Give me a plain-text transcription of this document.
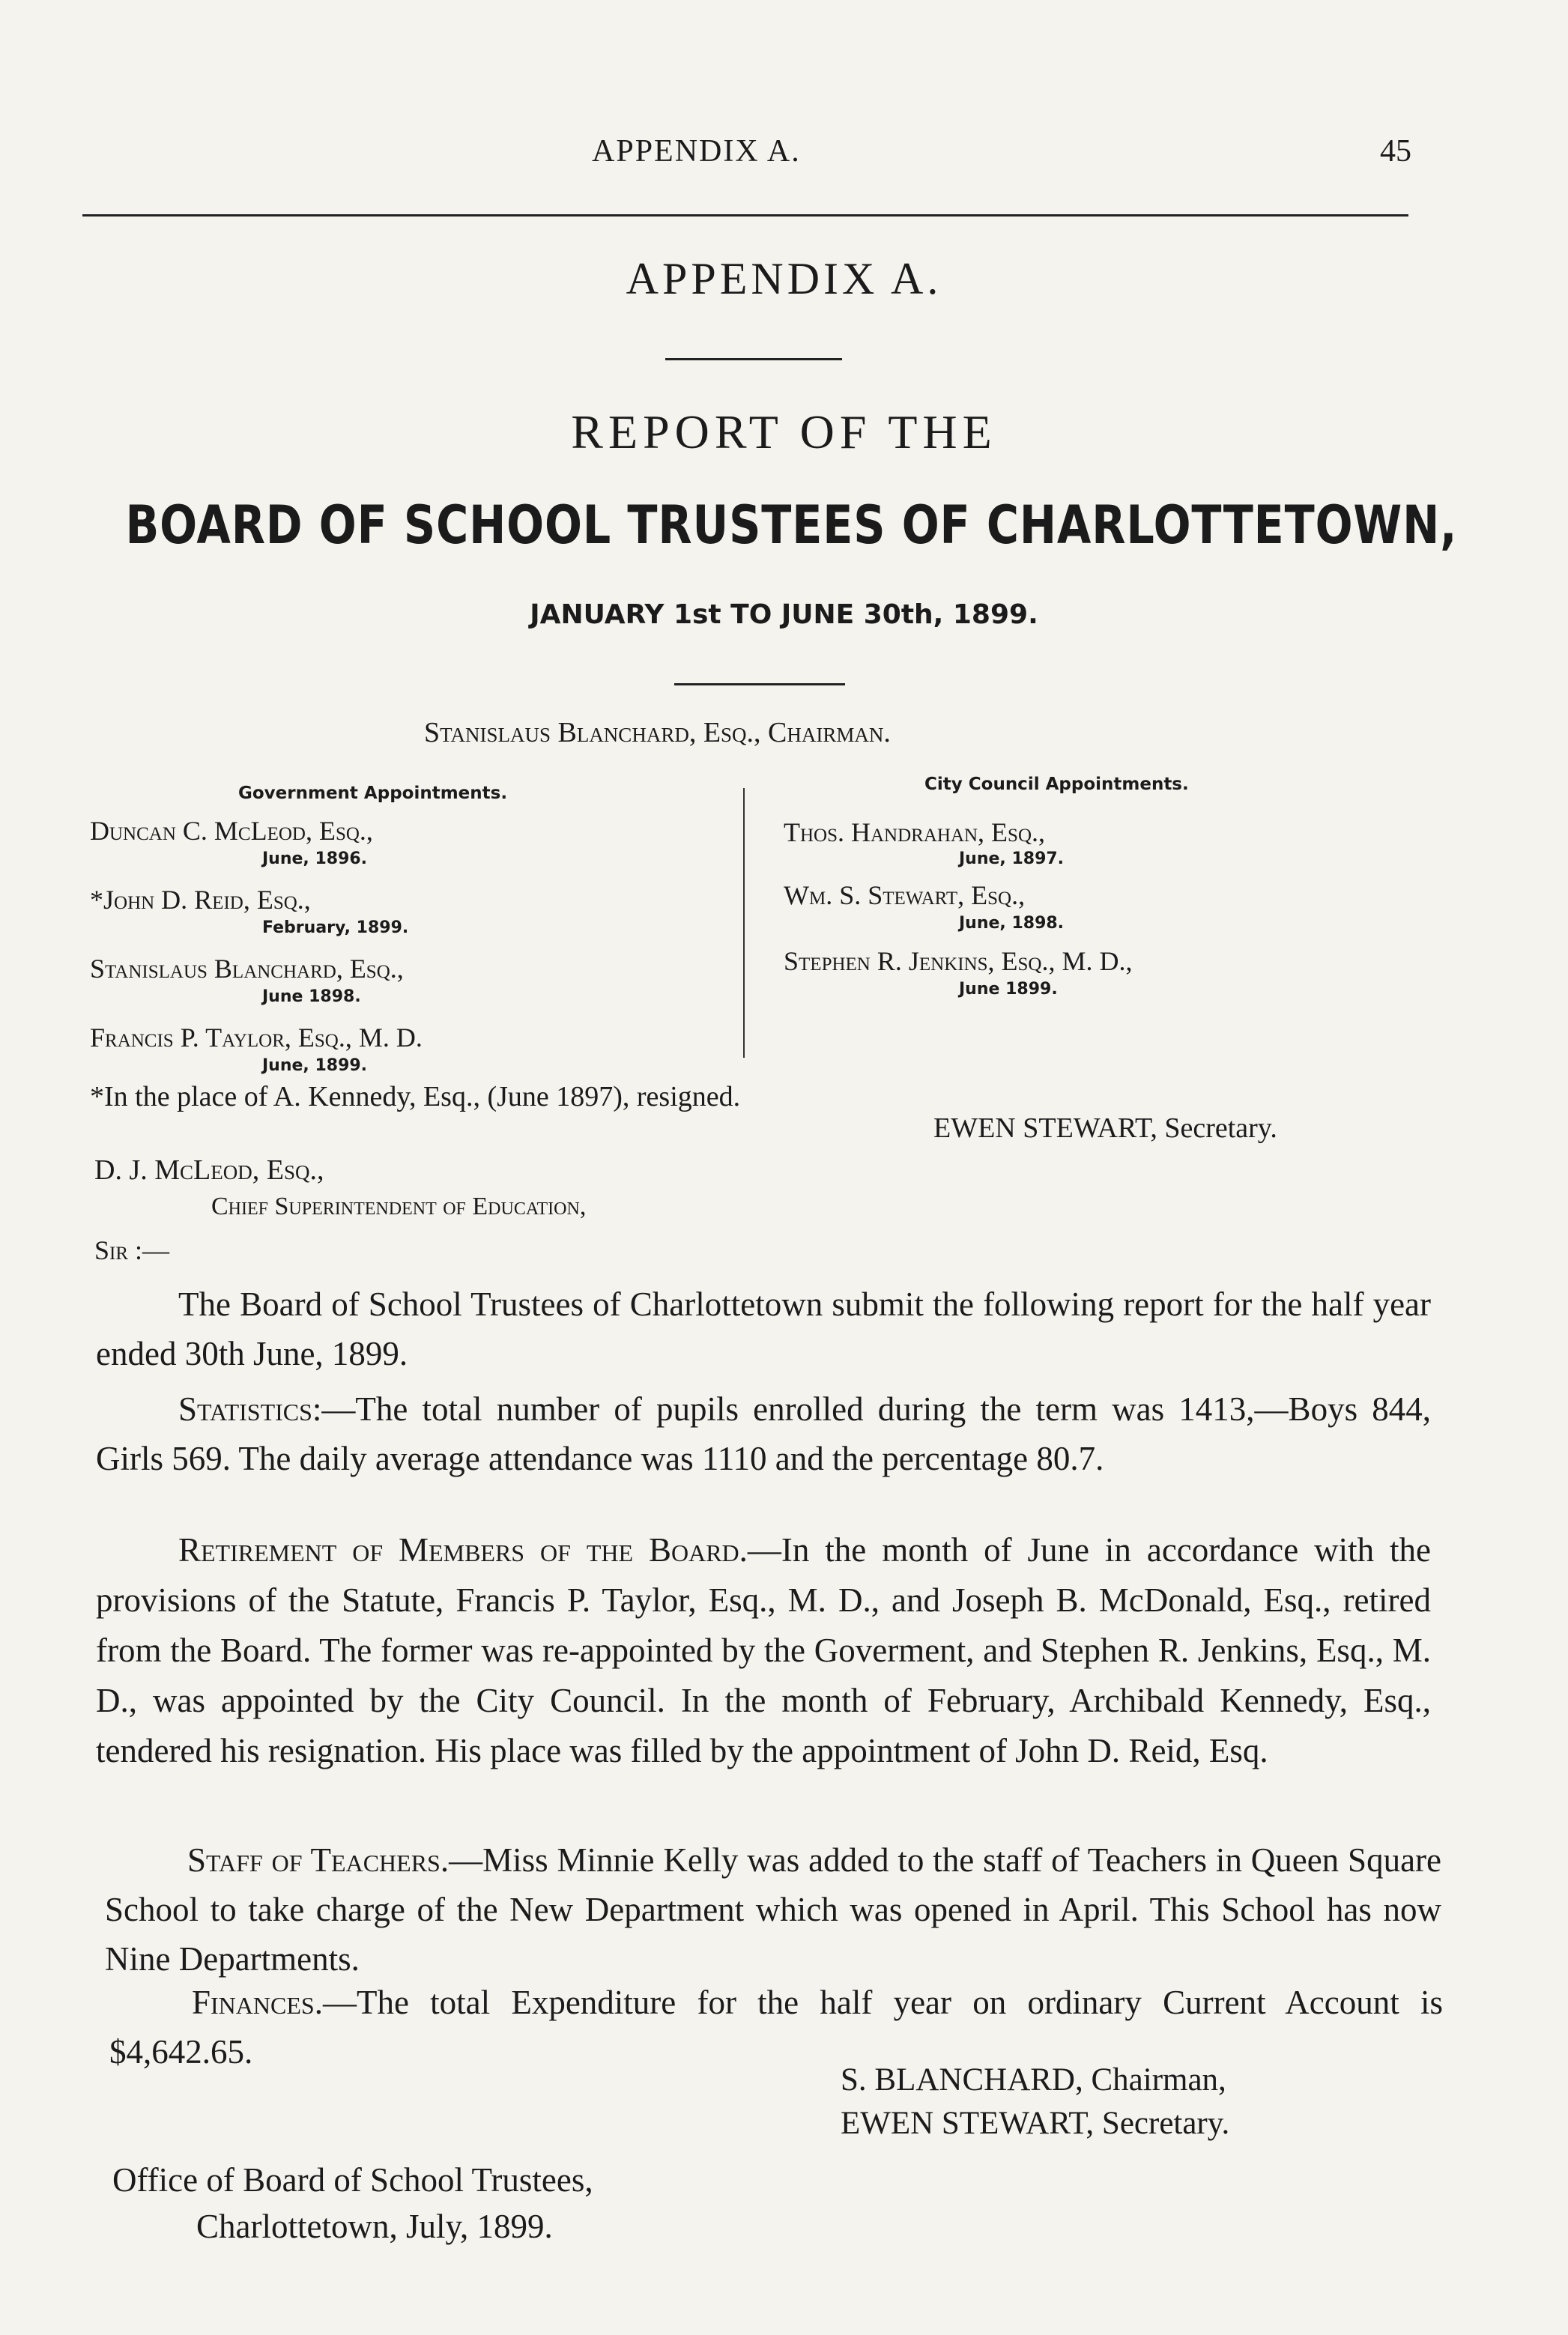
APPENDIX A.	45
APPENDIX A.
REPORT OF THE
BOARD OF SCHOOL TRUSTEES OF CHARLOTTETOWN,
JANUARY 1st TO JUNE 30th, 1899.
Stanislaus Blanchard, Esq., Chairman.
Government Appointments.
Duncan C. McLeod, Esq.,
June, 1896.
*John D. Reid, Esq.,
February, 1899.
Stanislaus Blanchard, Esq.,
June 1898.
Francis P. Taylor, Esq., M. D.
June, 1899.
City Council Appointments.
Thos. Handrahan, Esq.,
June, 1897.
Wm. S. Stewart, Esq.,
June, 1898.
Stephen R. Jenkins, Esq., M. D.,
June 1899.
*In the place of A. Kennedy, Esq., (June 1897), resigned.
EWEN STEWART, Secretary.
D. J. McLeod, Esq.,
Chief Superintendent of Education,
Sir :—
The Board of School Trustees of Charlottetown submit the following report for the half year ended 30th June, 1899.
Statistics:—The total number of pupils enrolled during the term was 1413,—Boys 844, Girls 569. The daily average attendance was 1110 and the percentage 80.7.
Retirement of Members of the Board.—In the month of June in accordance with the provisions of the Statute, Francis P. Taylor, Esq., M. D., and Joseph B. McDonald, Esq., retired from the Board. The former was re-appointed by the Goverment, and Stephen R. Jenkins, Esq., M. D., was appointed by the City Council. In the month of February, Archibald Kennedy, Esq., tendered his resignation. His place was filled by the appointment of John D. Reid, Esq.
Staff of Teachers.—Miss Minnie Kelly was added to the staff of Teachers in Queen Square School to take charge of the New Department which was opened in April. This School has now Nine Departments.
Finances.—The total Expenditure for the half year on ordinary Current Account is $4,642.65.
S. BLANCHARD, Chairman,
EWEN STEWART, Secretary.
Office of Board of School Trustees,
Charlottetown, July, 1899.
